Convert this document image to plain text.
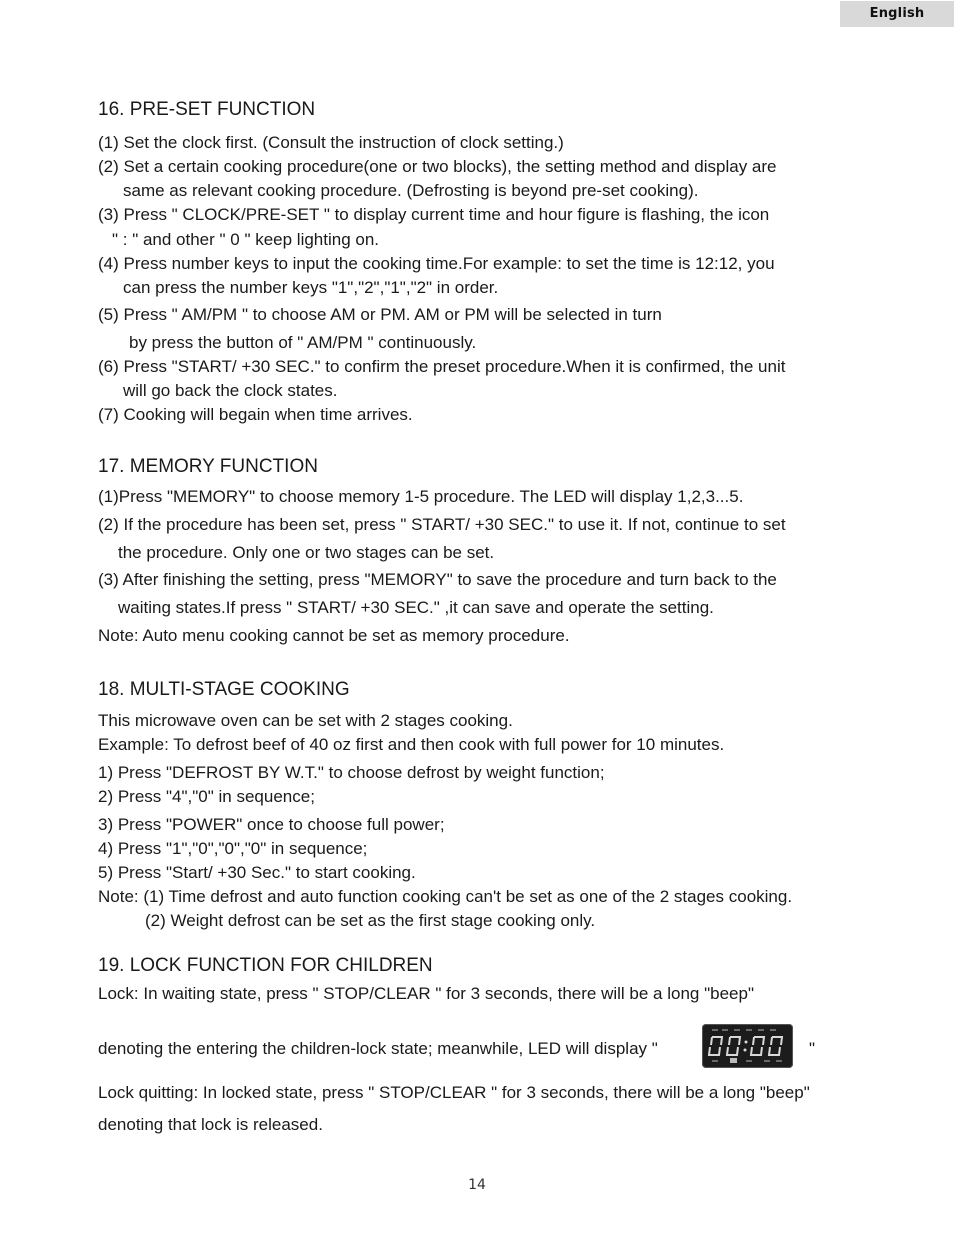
English
16. PRE-SET FUNCTION
(1) Set the clock first. (Consult the instruction of clock setting.)
(2) Set a certain cooking procedure(one or two blocks), the setting method and display are
same as relevant cooking procedure. (Defrosting is beyond pre-set cooking).
(3) Press " CLOCK/PRE-SET " to display current time and hour figure is flashing, the icon
" : " and other " 0 " keep lighting on.
(4) Press number keys to input the cooking time.For example: to set the time is 12:12, you
can press the number keys "1","2","1","2" in order.
(5) Press " AM/PM " to choose AM or PM. AM or PM will be selected in turn
by press the button of " AM/PM " continuously.
(6) Press "START/ +30 SEC." to confirm the preset procedure.When it is confirmed, the unit
will go back the clock states.
(7) Cooking will begain when time arrives.
17. MEMORY FUNCTION
(1)Press "MEMORY" to choose memory 1-5 procedure. The LED will display 1,2,3...5.
(2) If the procedure has been set, press " START/ +30 SEC." to use it. If not, continue to set
the procedure. Only one or two stages can be set.
(3) After finishing the setting, press "MEMORY" to save the procedure and turn back to the
waiting states.If press " START/ +30 SEC." ,it can save and operate the setting.
Note: Auto menu cooking cannot be set as memory procedure.
18. MULTI-STAGE COOKING
This microwave oven can be set with 2 stages cooking.
Example: To defrost beef of 40 oz first and then cook with full power for 10 minutes.
1) Press "DEFROST BY W.T." to choose defrost by weight function;
2) Press "4","0" in sequence;
3) Press "POWER" once to choose full power;
4) Press "1","0","0","0" in sequence;
5) Press "Start/ +30 Sec." to start cooking.
Note: (1) Time defrost and auto function cooking can't be set as one of the 2 stages cooking.
(2) Weight defrost can be set as the first stage cooking only.
19. LOCK FUNCTION FOR CHILDREN
Lock: In waiting state, press " STOP/CLEAR " for 3 seconds, there will be a long "beep"
denoting the entering the children-lock state; meanwhile, LED will display "	"
Lock quitting: In locked state, press " STOP/CLEAR " for 3 seconds, there will be a long "beep"
denoting that lock is released.
14
